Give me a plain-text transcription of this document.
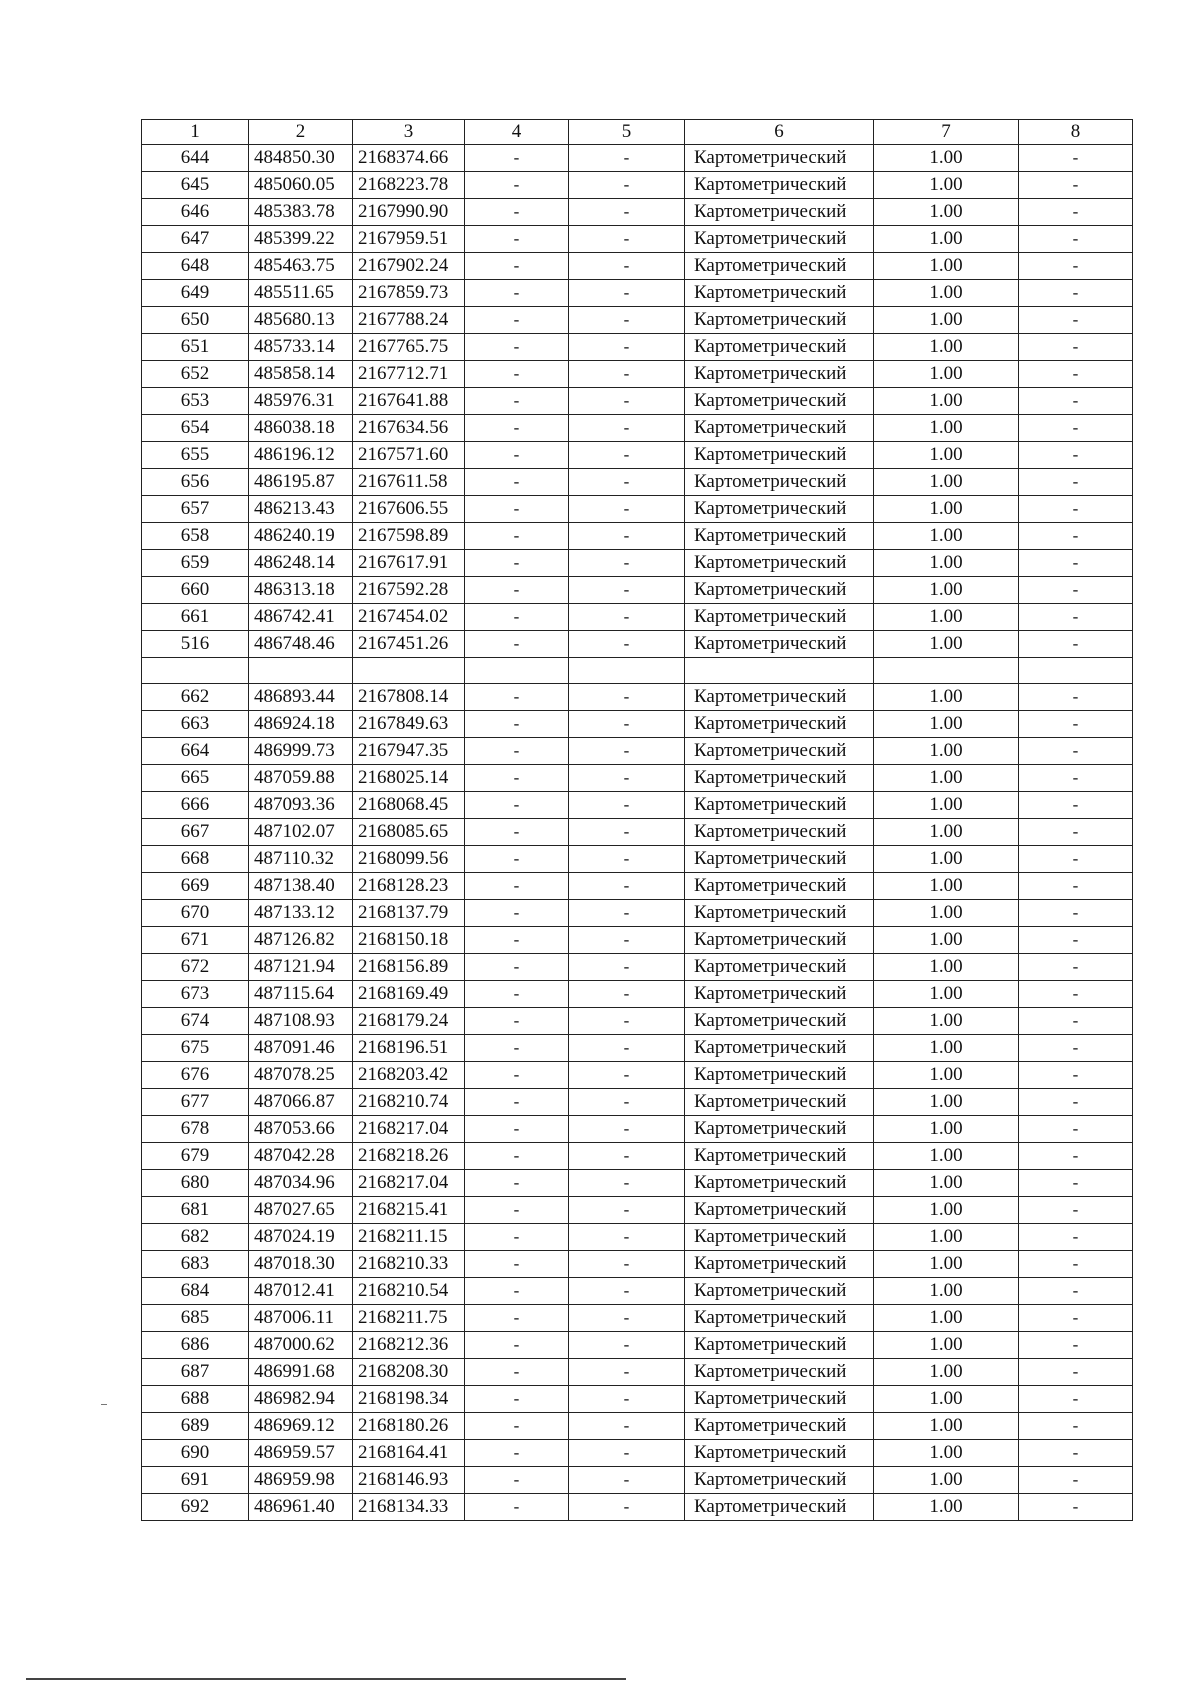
1	2	3	4	5	6	7	8
644	484850.30	2168374.66	-	-	Картометрический	1.00	-
645	485060.05	2168223.78	-	-	Картометрический	1.00	-
646	485383.78	2167990.90	-	-	Картометрический	1.00	-
647	485399.22	2167959.51	-	-	Картометрический	1.00	-
648	485463.75	2167902.24	-	-	Картометрический	1.00	-
649	485511.65	2167859.73	-	-	Картометрический	1.00	-
650	485680.13	2167788.24	-	-	Картометрический	1.00	-
651	485733.14	2167765.75	-	-	Картометрический	1.00	-
652	485858.14	2167712.71	-	-	Картометрический	1.00	-
653	485976.31	2167641.88	-	-	Картометрический	1.00	-
654	486038.18	2167634.56	-	-	Картометрический	1.00	-
655	486196.12	2167571.60	-	-	Картометрический	1.00	-
656	486195.87	2167611.58	-	-	Картометрический	1.00	-
657	486213.43	2167606.55	-	-	Картометрический	1.00	-
658	486240.19	2167598.89	-	-	Картометрический	1.00	-
659	486248.14	2167617.91	-	-	Картометрический	1.00	-
660	486313.18	2167592.28	-	-	Картометрический	1.00	-
661	486742.41	2167454.02	-	-	Картометрический	1.00	-
516	486748.46	2167451.26	-	-	Картометрический	1.00	-

662	486893.44	2167808.14	-	-	Картометрический	1.00	-
663	486924.18	2167849.63	-	-	Картометрический	1.00	-
664	486999.73	2167947.35	-	-	Картометрический	1.00	-
665	487059.88	2168025.14	-	-	Картометрический	1.00	-
666	487093.36	2168068.45	-	-	Картометрический	1.00	-
667	487102.07	2168085.65	-	-	Картометрический	1.00	-
668	487110.32	2168099.56	-	-	Картометрический	1.00	-
669	487138.40	2168128.23	-	-	Картометрический	1.00	-
670	487133.12	2168137.79	-	-	Картометрический	1.00	-
671	487126.82	2168150.18	-	-	Картометрический	1.00	-
672	487121.94	2168156.89	-	-	Картометрический	1.00	-
673	487115.64	2168169.49	-	-	Картометрический	1.00	-
674	487108.93	2168179.24	-	-	Картометрический	1.00	-
675	487091.46	2168196.51	-	-	Картометрический	1.00	-
676	487078.25	2168203.42	-	-	Картометрический	1.00	-
677	487066.87	2168210.74	-	-	Картометрический	1.00	-
678	487053.66	2168217.04	-	-	Картометрический	1.00	-
679	487042.28	2168218.26	-	-	Картометрический	1.00	-
680	487034.96	2168217.04	-	-	Картометрический	1.00	-
681	487027.65	2168215.41	-	-	Картометрический	1.00	-
682	487024.19	2168211.15	-	-	Картометрический	1.00	-
683	487018.30	2168210.33	-	-	Картометрический	1.00	-
684	487012.41	2168210.54	-	-	Картометрический	1.00	-
685	487006.11	2168211.75	-	-	Картометрический	1.00	-
686	487000.62	2168212.36	-	-	Картометрический	1.00	-
687	486991.68	2168208.30	-	-	Картометрический	1.00	-
688	486982.94	2168198.34	-	-	Картометрический	1.00	-
689	486969.12	2168180.26	-	-	Картометрический	1.00	-
690	486959.57	2168164.41	-	-	Картометрический	1.00	-
691	486959.98	2168146.93	-	-	Картометрический	1.00	-
692	486961.40	2168134.33	-	-	Картометрический	1.00	-
